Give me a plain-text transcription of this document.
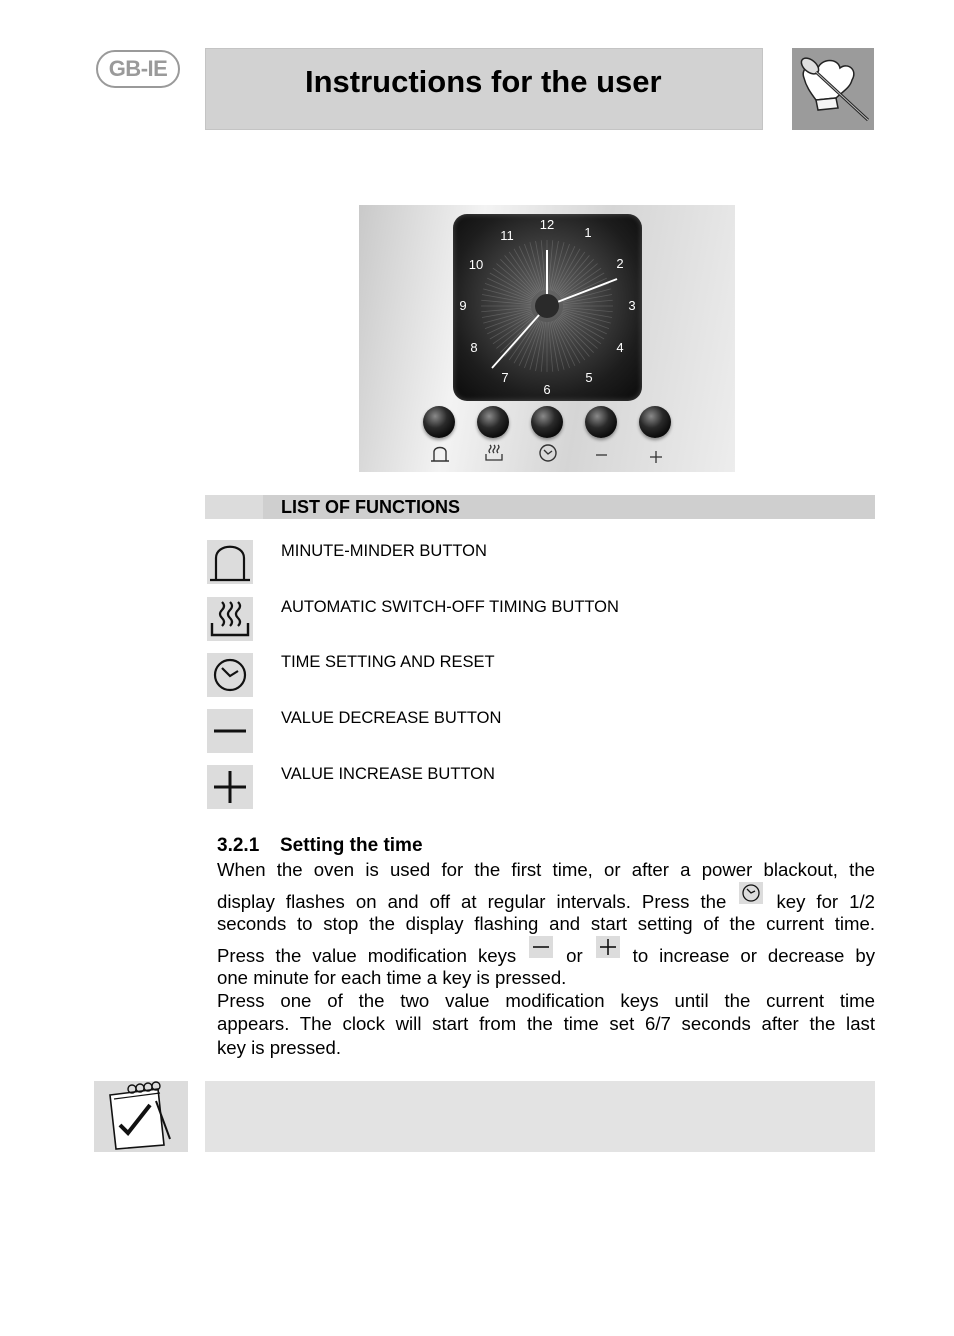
GB-IE	Instructions for the user
12
1
2
3
4
5
6
7
8
9
10
11
LIST OF FUNCTIONS
MINUTE-MINDER BUTTON
AUTOMATIC SWITCH-OFF TIMING BUTTON
TIME SETTING AND RESET
VALUE DECREASE BUTTON
VALUE INCREASE BUTTON
3.2.1 Setting the time
When the oven is used for the first time, or after a power blackout, the
display flashes on and off at regular intervals. Press the	key for 1/2
seconds to stop the display flashing and start setting of the current time.
Press the value modification keys	or	to increase or decrease by
one minute for each time a key is pressed.
Press one of the two value modification keys until the current time
appears. The clock will start from the time set 6/7 seconds after the last
key is pressed.
